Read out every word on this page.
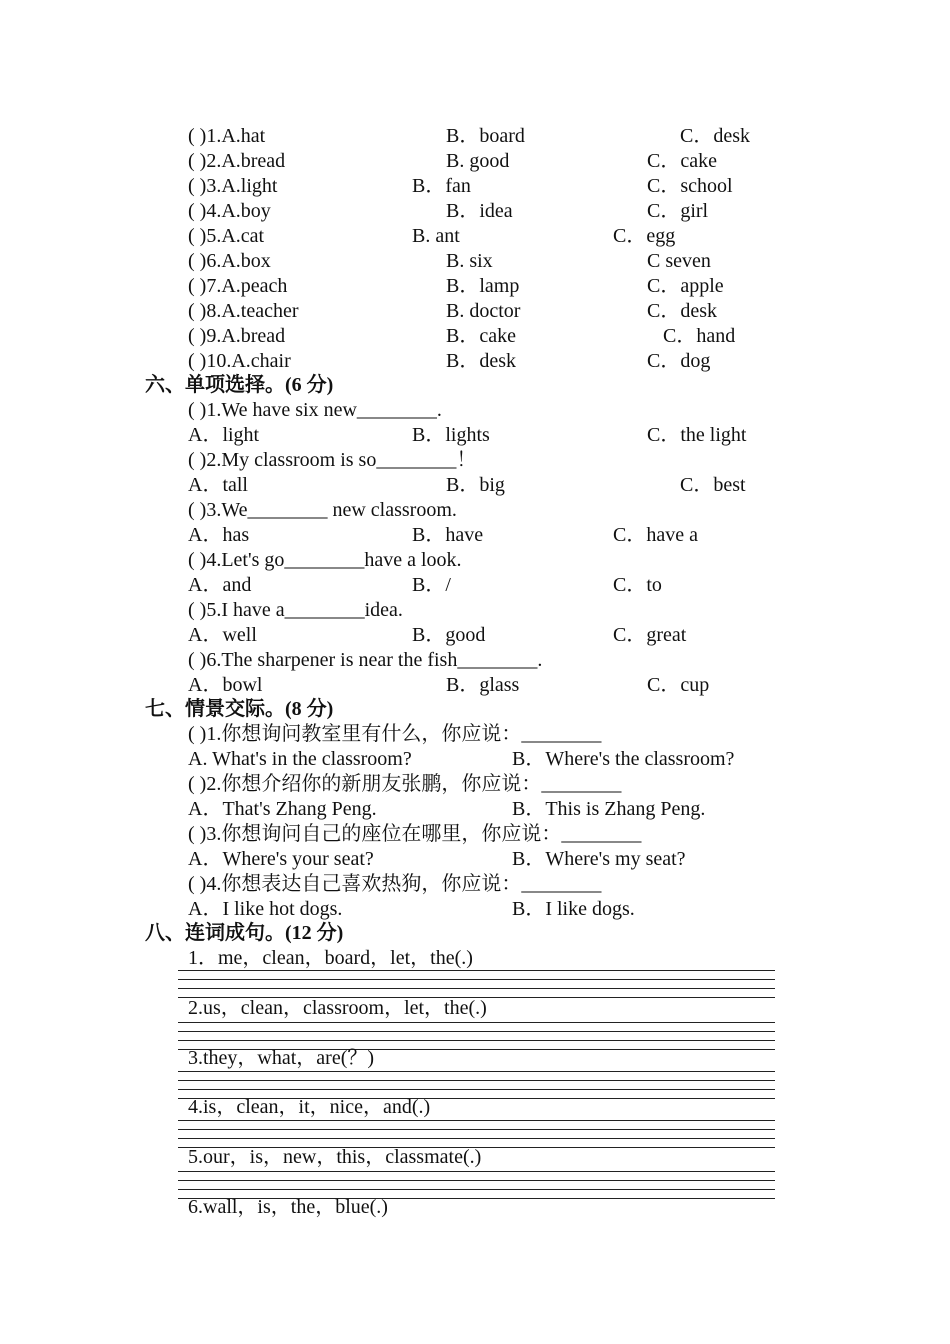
( )1.A.hat	B．board	C．desk
( )2.A.bread	B. good	C．cake
( )3.A.light	B．fan	C．school
( )4.A.boy	B．idea	C．girl
( )5.A.cat	B. ant	C．egg
( )6.A.box	B. six	C seven
( )7.A.peach	B．lamp	C．apple
( )8.A.teacher	B. doctor	C．desk
( )9.A.bread	B．cake	C．hand
( )10.A.chair	B．desk	C．dog
六、单项选择。(6 分)
( )1.We have six new________.
A．light	B．lights	C．the light
( )2.My classroom is so________！
A．tall	B．big	C．best
( )3.We________ new classroom.
A．has	B．have	C．have a
( )4.Let's go________have a look.
A．and	B．/	C．to
( )5.I have a________idea.
A．well	B．good	C．great
( )6.The sharpener is near the fish________.
A．bowl	B．glass	C．cup
七、情景交际。(8 分)
( )1.你想询问教室里有什么，你应说：________
A. What's in the classroom?	B．Where's the classroom?
( )2.你想介绍你的新朋友张鹏，你应说：________
A．That's Zhang Peng.	B．This is Zhang Peng.
( )3.你想询问自己的座位在哪里，你应说：________
A．Where's your seat?	B．Where's my seat?
( )4.你想表达自己喜欢热狗，你应说：________
A．I like hot dogs.	B．I like dogs.
八、连词成句。(12 分)
1．me，clean，board，let，the(.)
2.us，clean，classroom，let，the(.)
3.they，what，are(？)
4.is，clean，it，nice，and(.)
5.our，is，new，this，classmate(.)
6.wall，is，the，blue(.)
